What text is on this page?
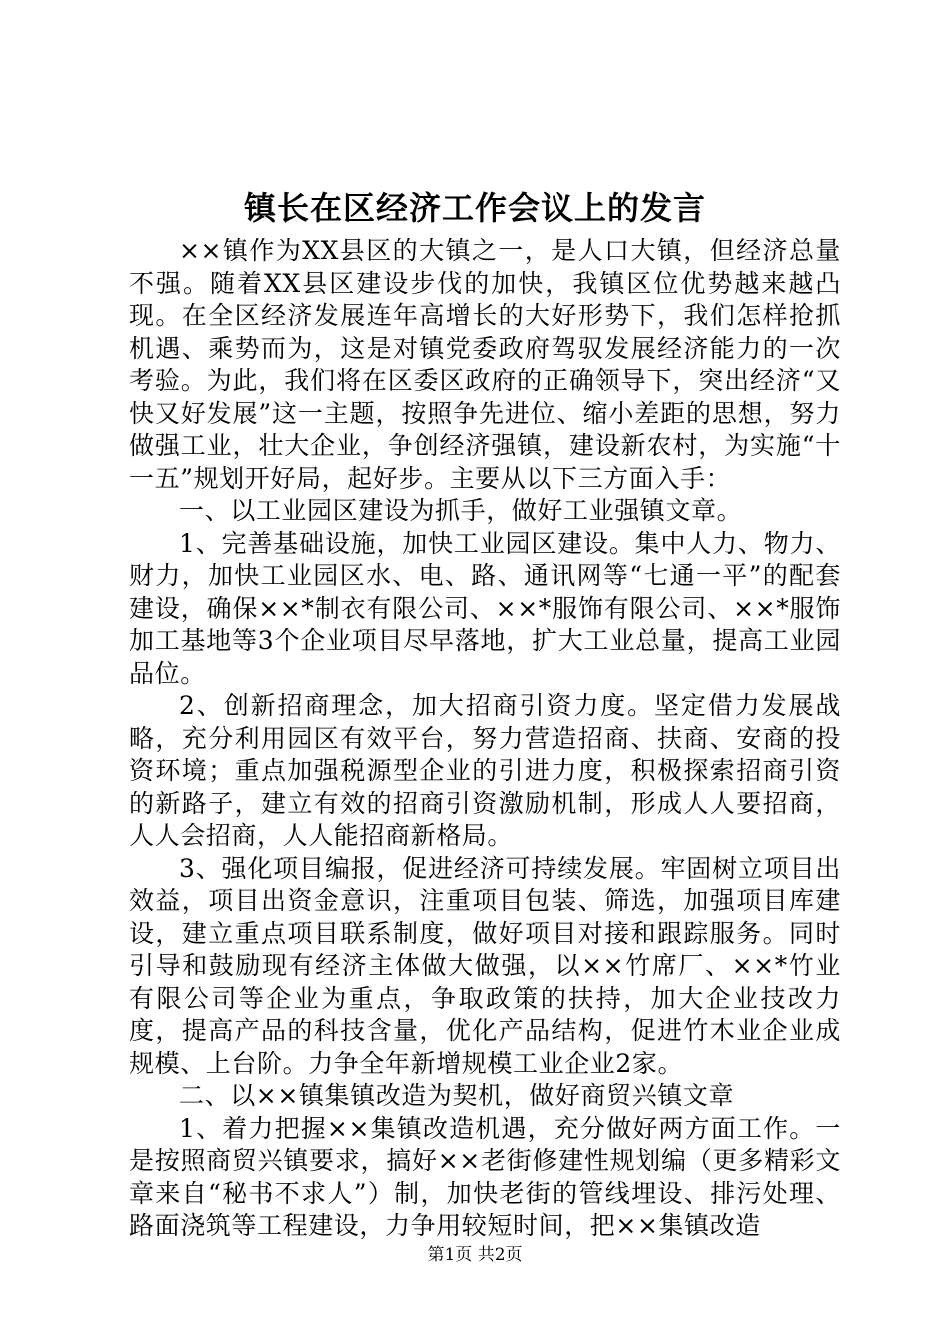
镇长在区经济工作会议上的发言

××镇作为XX县区的大镇之一，是人口大镇，但经济总量不强。随着XX县区建设步伐的加快，我镇区位优势越来越凸现。在全区经济发展连年高增长的大好形势下，我们怎样抢抓机遇、乘势而为，这是对镇党委政府驾驭发展经济能力的一次考验。为此，我们将在区委区政府的正确领导下，突出经济“又快又好发展”这一主题，按照争先进位、缩小差距的思想，努力做强工业，壮大企业，争创经济强镇，建设新农村，为实施“十一五”规划开好局，起好步。主要从以下三方面入手：

一、以工业园区建设为抓手，做好工业强镇文章。

1、完善基础设施，加快工业园区建设。集中人力、物力、财力，加快工业园区水、电、路、通讯网等“七通一平”的配套建设，确保××*制衣有限公司、××*服饰有限公司、××*服饰加工基地等3个企业项目尽早落地，扩大工业总量，提高工业园品位。

2、创新招商理念，加大招商引资力度。坚定借力发展战略，充分利用园区有效平台，努力营造招商、扶商、安商的投资环境；重点加强税源型企业的引进力度，积极探索招商引资的新路子，建立有效的招商引资激励机制，形成人人要招商，人人会招商，人人能招商新格局。

3、强化项目编报，促进经济可持续发展。牢固树立项目出效益，项目出资金意识，注重项目包装、筛选，加强项目库建设，建立重点项目联系制度，做好项目对接和跟踪服务。同时引导和鼓励现有经济主体做大做强，以××竹席厂、××*竹业有限公司等企业为重点，争取政策的扶持，加大企业技改力度，提高产品的科技含量，优化产品结构，促进竹木业企业成规模、上台阶。力争全年新增规模工业企业2家。

二、以××镇集镇改造为契机，做好商贸兴镇文章

1、着力把握××集镇改造机遇，充分做好两方面工作。一是按照商贸兴镇要求，搞好××老街修建性规划编（更多精彩文章来自“秘书不求人”）制，加快老街的管线埋设、排污处理、路面浇筑等工程建设，力争用较短时间，把××集镇改造

第1页 共2页
